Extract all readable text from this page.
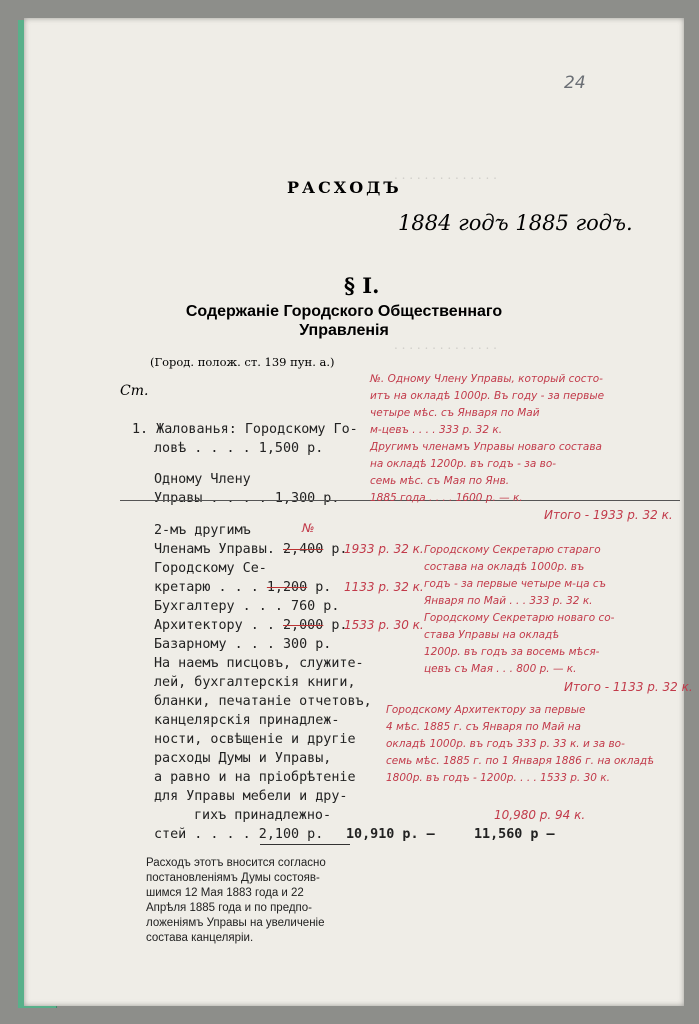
. . . . . . . . . . . . . .
. . . . . . . . . . . . . .
24
РАСХОДЪ
1884 годъ 1885 годъ.
§ I.
Содержаніе Городского Общественнаго
Управленія
(Город. полож. ст. 139 пун. а.)
Ст.
1. Жалованья: Городскому Го-
ловѣ . . . . 1,500 р.
Одному Члену
Управы . . . . 1,300 р.
2-мъ другимъ
Членамъ Управы. 2,400 р.
Городскому Се-
кретарю . . . 1,200 р.
Бухгалтеру . . . 760 р.
Архитектору . . 2,000 р.
Базарному . . . 300 р.
На наемъ писцовъ, служите-
лей, бухгалтерскія книги,
бланки, печатаніе отчетовъ,
канцелярскія принадлеж-
ности, освѣщеніе и другіе
расходы Думы и Управы,
а равно и на пріобрѣтеніе
для Управы мебели и дру-
гихъ принадлежно-
стей . . . . 2,100 р. 10,910 р. —	11,560 р —
Расходъ этотъ вносится согласно
постановленіямъ Думы состояв-
шимся 12 Мая 1883 года и 22
Апрѣля 1885 года и по предпо-
ложеніямъ Управы на увеличеніе
состава канцеляріи.
№. Одному Члену Управы, который состо-
итъ на окладѣ 1000р. Въ году - за первые
четыре мѣс. съ Января по Май
м-цевъ . . . . 333 р. 32 к.
Другимъ членамъ Управы новаго состава
на окладѣ 1200р. въ годъ - за во-
семь мѣс. съ Мая по Янв.
1885 года . . . . 1600 р. — к.
Итого - 1933 р. 32 к.
1933 р. 32 к.
1133 р. 32 к.
1533 р. 30 к.
№
Городскому Секретарю стараго
состава на окладѣ 1000р. въ
годъ - за первые четыре м-ца съ
Января по Май . . . 333 р. 32 к.
Городскому Секретарю новаго со-
става Управы на окладѣ
1200р. въ годъ за восемь мѣся-
цевъ съ Мая . . . 800 р. — к.
Итого - 1133 р. 32 к.
Городскому Архитектору за первые
4 мѣс. 1885 г. съ Января по Май на
окладѣ 1000р. въ годъ 333 р. 33 к. и за во-
семь мѣс. 1885 г. по 1 Января 1886 г. на окладѣ
1800р. въ годъ - 1200р. . . . 1533 р. 30 к.
10,980 р. 94 к.
